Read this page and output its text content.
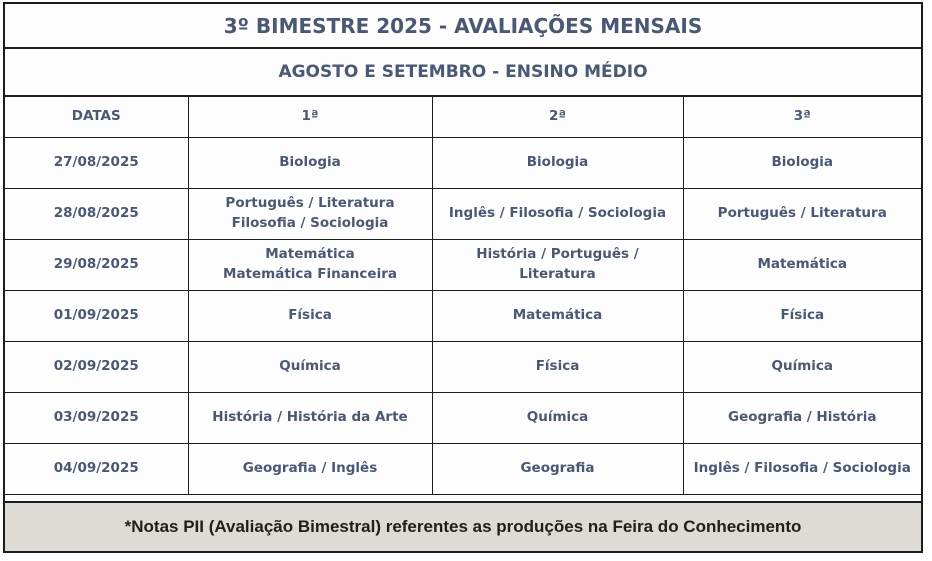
3º BIMESTRE 2025 - AVALIAÇÕES MENSAIS
AGOSTO E SETEMBRO - ENSINO MÉDIO
DATAS	1ª	2ª	3ª
27/08/2025	Biologia	Biologia	Biologia

28/08/2025	Português / Literatura
Filosofia / Sociologia	Inglês / Filosofia / Sociologia	Português / Literatura

29/08/2025	Matemática
Matemática Financeira	História / Português / Literatura	Matemática

01/09/2025	Física	Matemática	Física

02/09/2025	Química	Física	Química

03/09/2025	História / História da Arte	Química	Geografia / História

04/09/2025	Geografia / Inglês	Geografia	Inglês / Filosofia / Sociologia
*Notas PII (Avaliação Bimestral) referentes as produções na Feira do Conhecimento
